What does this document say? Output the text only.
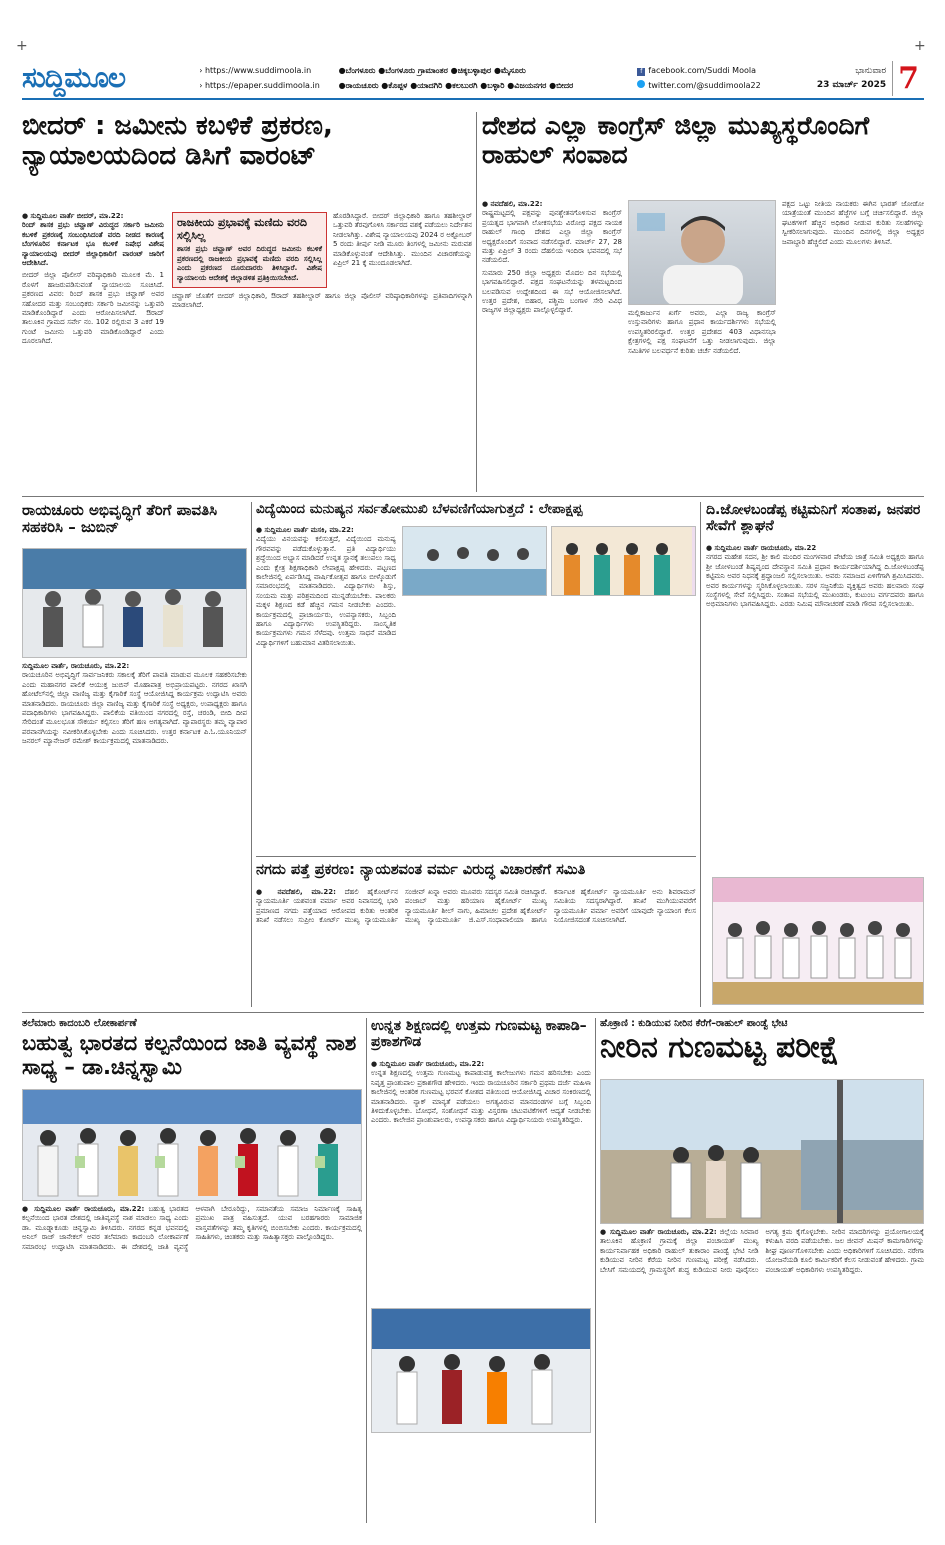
+	+
ಸುದ್ದಿಮೂಲ	› https://www.suddimoola.in
› https://epaper.suddimoola.in
●ಬೆಂಗಳೂರು ●ಬೆಂಗಳೂರು ಗ್ರಾಮಾಂತರ ●ಚಿಕ್ಕಬಳ್ಳಾಪುರ ●ಮೈಸೂರು
●ರಾಯಚೂರು ●ಕೊಪ್ಪಳ ●ಯಾದಗಿರಿ ●ಕಲಬುರಗಿ ●ಬಳ್ಳಾರಿ ●ವಿಜಯನಗರ ●ಬೀದರ
f facebook.com/Suddi Moola
twitter.com/@suddimoola22
ಭಾನುವಾರ
23 ಮಾರ್ಚ್ 2025 7
ಬೀದರ್ : ಜಮೀನು ಕಬಳಿಕೆ ಪ್ರಕರಣ, ನ್ಯಾಯಾಲಯದಿಂದ ಡಿಸಿಗೆ ವಾರಂಟ್
● ಸುದ್ದಿಮೂಲ ವಾರ್ತೆ ಬೀದರ್, ಮಾ.22:
ರಿಂದ್ ಶಾಸಕ ಪ್ರಭು ಚವ್ಹಾಣ್ ವಿರುದ್ಧದ ಸರ್ಕಾರಿ ಜಮೀನು ಕಬಳಿಕೆ ಪ್ರಕರಣಕ್ಕೆ ಸಂಬಂಧಿಸಿದಂತೆ ವರದಿ ನೀಡದ ಕಾರಣಕ್ಕೆ ಬೆಂಗಳೂರಿನ ಕರ್ನಾಟಕ ಭೂ ಕಬಳಿಕೆ ನಿಷೇಧ ವಿಶೇಷ ನ್ಯಾಯಾಲಯವು ಬೀದರ್ ಜಿಲ್ಲಾಧಿಕಾರಿಗೆ ವಾರಂಟ್ ಜಾರಿಗೆ ಆದೇಶಿಸಿದೆ.
ಬೀದರ್ ಜಿಲ್ಲಾ ಪೊಲೀಸ್ ವರಿಷ್ಠಾಧಿಕಾರಿ ಮೂಲಕ ಮೆ. 1 ರೊಳಗೆ ಹಾಜರುಪಡಿಸುವಂತೆ ನ್ಯಾಯಾಲಯ ಸೂಚಿಸಿದೆ. ಪ್ರಕರಣದ ವಿವರ: ರಿಂದ್ ಶಾಸಕ ಪ್ರಭು ಚವ್ಹಾಣ್ ಅವರ ಸಹೋದರ ಮತ್ತು ಸಂಬಂಧಿಕರು ಸರ್ಕಾರಿ ಜಮೀನನ್ನು ಒತ್ತುವರಿ ಮಾಡಿಕೊಂಡಿದ್ದಾರೆ ಎಂದು ಆರೋಪಿಸಲಾಗಿದೆ. ಔರಾದ್ ತಾಲೂಕಿನ ಗ್ರಾಮದ ಸರ್ವೇ ನಂ. 102 ರಲ್ಲಿರುವ 3 ಎಕರೆ 19 ಗುಂಟೆ ಜಮೀನು ಒತ್ತುವರಿ ಮಾಡಿಕೊಂಡಿದ್ದಾರೆ ಎಂದು ದೂರಲಾಗಿದೆ.
ರಾಜಕೀಯ ಪ್ರಭಾವಕ್ಕೆ ಮಣಿದು ವರದಿ ಸಲ್ಲಿಸಿಲ್ಲ
ಶಾಸಕ ಪ್ರಭು ಚವ್ಹಾಣ್ ಅವರ ದಿರುದ್ಧದ ಜಮೀನು ಕಬಳಿಕೆ ಪ್ರಕರಣದಲ್ಲಿ ರಾಜಕೀಯ ಪ್ರಭಾವಕ್ಕೆ ಮಣಿದು ವರದಿ ಸಲ್ಲಿಸಿಲ್ಲ ಎಂದು ಪ್ರಕರಣದ ದೂರುದಾರರು ತಿಳಿಸಿದ್ದಾರೆ. ವಿಶೇಷ ನ್ಯಾಯಾಲಯ ಆದೇಶಕ್ಕೆ ಜಿಲ್ಲಾಡಳಿತ ಪ್ರತಿಕ್ರಿಯಿಸಬೇಕಿದೆ.
ಹೊರಡಿಸಿದ್ದಾರೆ. ಬೀದರ್ ಜಿಲ್ಲಾಧಿಕಾರಿ ಹಾಗೂ ತಹಶೀಲ್ದಾರ್ ಒತ್ತುವರಿ ತೆರವುಗೊಳಿಸಿ ಸರ್ಕಾರದ ವಶಕ್ಕೆ ಪಡೆಯಲು ನಿರ್ದೇಶನ ನೀಡಲಾಗಿತ್ತು. ವಿಶೇಷ ನ್ಯಾಯಾಲಯವು 2024 ರ ಅಕ್ಟೋಬರ್ 5 ರಂದು ತೀರ್ಪು ನೀಡಿ ಮೂರು ತಿಂಗಳಲ್ಲಿ ಜಮೀನು ಮರುವಶ ಮಾಡಿಕೊಳ್ಳುವಂತೆ ಆದೇಶಿಸಿತ್ತು. ಮುಂದಿನ ವಿಚಾರಣೆಯನ್ನು ಏಪ್ರಿಲ್ 21 ಕ್ಕೆ ಮುಂದೂಡಲಾಗಿದೆ.
ಚವ್ಹಾಣ್ ಜೊತೆಗೆ ಬೀದರ್ ಜಿಲ್ಲಾಧಿಕಾರಿ, ಔರಾದ್ ತಹಶೀಲ್ದಾರ್ ಹಾಗೂ ಜಿಲ್ಲಾ ಪೊಲೀಸ್ ವರಿಷ್ಠಾಧಿಕಾರಿಗಳನ್ನು ಪ್ರತಿವಾದಿಗಳನ್ನಾಗಿ ಮಾಡಲಾಗಿದೆ.
ದೇಶದ ಎಲ್ಲಾ ಕಾಂಗ್ರೆಸ್ ಜಿಲ್ಲಾ ಮುಖ್ಯಸ್ಥರೊಂದಿಗೆ ರಾಹುಲ್ ಸಂವಾದ
● ನವದೆಹಲಿ, ಮಾ.22:
ರಾಷ್ಟ್ರಮಟ್ಟದಲ್ಲಿ ಪಕ್ಷವನ್ನು ಪುನಶ್ಚೇತನಗೊಳಿಸುವ ಕಾಂಗ್ರೆಸ್ ಪ್ರಯತ್ನದ ಭಾಗವಾಗಿ ಲೋಕಸಭೆಯ ವಿರೋಧ ಪಕ್ಷದ ನಾಯಕ ರಾಹುಲ್ ಗಾಂಧಿ ದೇಶದ ಎಲ್ಲಾ ಜಿಲ್ಲಾ ಕಾಂಗ್ರೆಸ್ ಅಧ್ಯಕ್ಷರೊಂದಿಗೆ ಸಂವಾದ ನಡೆಸಲಿದ್ದಾರೆ. ಮಾರ್ಚ್ 27, 28 ಮತ್ತು ಏಪ್ರಿಲ್ 3 ರಂದು ದೆಹಲಿಯ ಇಂದಿರಾ ಭವನದಲ್ಲಿ ಸಭೆ ನಡೆಯಲಿದೆ.
ಸುಮಾರು 250 ಜಿಲ್ಲಾ ಅಧ್ಯಕ್ಷರು ಮೊದಲ ದಿನ ಸಭೆಯಲ್ಲಿ ಭಾಗವಹಿಸಲಿದ್ದಾರೆ. ಪಕ್ಷದ ಸಂಘಟನೆಯನ್ನು ತಳಮಟ್ಟದಿಂದ ಬಲಪಡಿಸುವ ಉದ್ದೇಶದಿಂದ ಈ ಸಭೆ ಆಯೋಜಿಸಲಾಗಿದೆ. ಉತ್ತರ ಪ್ರದೇಶ, ಬಿಹಾರ, ಪಶ್ಚಿಮ ಬಂಗಾಳ ಸೇರಿ ವಿವಿಧ ರಾಜ್ಯಗಳ ಜಿಲ್ಲಾಧ್ಯಕ್ಷರು ಪಾಲ್ಗೊಳ್ಳಲಿದ್ದಾರೆ.	ಮಲ್ಲಿಕಾರ್ಜುನ ಖರ್ಗೆ ಅವರು, ಎಲ್ಲಾ ರಾಜ್ಯ ಕಾಂಗ್ರೆಸ್ ಉಸ್ತುವಾರಿಗಳು ಹಾಗೂ ಪ್ರಧಾನ ಕಾರ್ಯದರ್ಶಿಗಳು ಸಭೆಯಲ್ಲಿ ಉಪಸ್ಥಿತರಿರಲಿದ್ದಾರೆ. ಉತ್ತರ ಪ್ರದೇಶದ 403 ವಿಧಾನಸಭಾ ಕ್ಷೇತ್ರಗಳಲ್ಲಿ ಪಕ್ಷ ಸಂಘಟನೆಗೆ ಒತ್ತು ನೀಡಲಾಗುವುದು. ಜಿಲ್ಲಾ ಸಮಿತಿಗಳ ಬಲವರ್ಧನೆ ಕುರಿತು ಚರ್ಚೆ ನಡೆಯಲಿದೆ.
ಪಕ್ಷದ ಒಟ್ಟು ನೀತಿಯ ನಾಯಕರು ಈಗಿನ ಭಾರತ್ ಜೋಡೋ ಯಾತ್ರೆಯಂತೆ ಮುಂದಿನ ಹೆಜ್ಜೆಗಳ ಬಗ್ಗೆ ಚರ್ಚಿಸಲಿದ್ದಾರೆ. ಜಿಲ್ಲಾ ಘಟಕಗಳಿಗೆ ಹೆಚ್ಚಿನ ಅಧಿಕಾರ ನೀಡುವ ಕುರಿತು ಸಲಹೆಗಳನ್ನು ಸ್ವೀಕರಿಸಲಾಗುವುದು. ಮುಂದಿನ ದಿನಗಳಲ್ಲಿ ಜಿಲ್ಲಾ ಅಧ್ಯಕ್ಷರ ಜವಾಬ್ದಾರಿ ಹೆಚ್ಚಲಿದೆ ಎಂದು ಮೂಲಗಳು ತಿಳಿಸಿವೆ.
ರಾಯಚೂರು ಅಭಿವೃದ್ಧಿಗೆ ತೆರಿಗೆ ಪಾವತಿಸಿ ಸಹಕರಿಸಿ – ಜುಬಿನ್
ಸುದ್ದಿಮೂಲ ವಾರ್ತೆ, ರಾಯಚೂರು, ಮಾ.22:
ರಾಯಚೂರಿನ ಅಭಿವೃದ್ಧಿಗೆ ಸಾರ್ವಜನಿಕರು ಸಕಾಲಕ್ಕೆ ತೆರಿಗೆ ಪಾವತಿ ಮಾಡುವ ಮೂಲಕ ಸಹಕರಿಸಬೇಕು ಎಂದು ಮಹಾನಗರ ಪಾಲಿಕೆ ಆಯುಕ್ತ ಜುಬಿನ್ ಮೊಹಾಪಾತ್ರ ಅಭಿಪ್ರಾಯಪಟ್ಟರು. ನಗರದ ಖಾಸಗಿ ಹೋಟೆಲ್‌ನಲ್ಲಿ ಜಿಲ್ಲಾ ವಾಣಿಜ್ಯ ಮತ್ತು ಕೈಗಾರಿಕೆ ಸಂಸ್ಥೆ ಆಯೋಜಿಸಿದ್ದ ಕಾರ್ಯಕ್ರಮ ಉದ್ಘಾಟಿಸಿ ಅವರು ಮಾತನಾಡಿದರು. ರಾಯಚೂರು ಜಿಲ್ಲಾ ವಾಣಿಜ್ಯ ಮತ್ತು ಕೈಗಾರಿಕೆ ಸಂಸ್ಥೆ ಅಧ್ಯಕ್ಷರು, ಉಪಾಧ್ಯಕ್ಷರು ಹಾಗೂ ಪದಾಧಿಕಾರಿಗಳು ಭಾಗವಹಿಸಿದ್ದರು. ಪಾಲಿಕೆಯ ವತಿಯಿಂದ ನಗರದಲ್ಲಿ ರಸ್ತೆ, ಚರಂಡಿ, ಬೀದಿ ದೀಪ ಸೇರಿದಂತೆ ಮೂಲಭೂತ ಸೌಕರ್ಯ ಕಲ್ಪಿಸಲು ತೆರಿಗೆ ಹಣ ಅಗತ್ಯವಾಗಿದೆ. ವ್ಯಾಪಾರಸ್ಥರು ತಮ್ಮ ವ್ಯಾಪಾರ ಪರವಾನಗಿಯನ್ನು ನವೀಕರಿಸಿಕೊಳ್ಳಬೇಕು ಎಂದು ಸೂಚಿಸಿದರು. ಉತ್ತರ ಕರ್ನಾಟಕ ಪಿ.ಓ.ಯೂನಿಯನ್ ಜನರಲ್ ಮ್ಯಾನೇಜರ್ ರಮೇಶ್ ಕಾರ್ಯಕ್ರಮದಲ್ಲಿ ಮಾತನಾಡಿದರು.
ವಿದ್ಯೆಯಿಂದ ಮನುಷ್ಯನ ಸರ್ವತೋಮುಖಿ ಬೆಳವಣಿಗೆಯಾಗುತ್ತದೆ : ಲೇಪಾಕ್ಷಪ್ಪ
● ಸುದ್ದಿಮೂಲ ವಾರ್ತೆ ಮಸಕಿ, ಮಾ.22:
ವಿದ್ಯೆಯು ವಿನಯವನ್ನು ಕಲಿಸುತ್ತದೆ, ವಿದ್ಯೆಯಿಂದ ಮನುಷ್ಯ ಗೌರವವನ್ನು ಪಡೆದುಕೊಳ್ಳುತ್ತಾನೆ. ಪ್ರತಿ ವಿದ್ಯಾರ್ಥಿಯು ಶ್ರದ್ಧೆಯಿಂದ ಅಭ್ಯಾಸ ಮಾಡಿದರೆ ಉನ್ನತ ಸ್ಥಾನಕ್ಕೆ ತಲುಪಲು ಸಾಧ್ಯ ಎಂದು ಕ್ಷೇತ್ರ ಶಿಕ್ಷಣಾಧಿಕಾರಿ ಲೇಪಾಕ್ಷಪ್ಪ ಹೇಳಿದರು. ಪಟ್ಟಣದ ಕಾಲೇಜಿನಲ್ಲಿ ಏರ್ಪಡಿಸಿದ್ದ ವಾರ್ಷಿಕೋತ್ಸವ ಹಾಗೂ ಬೀಳ್ಕೊಡುಗೆ ಸಮಾರಂಭದಲ್ಲಿ ಮಾತನಾಡಿದರು. ವಿದ್ಯಾರ್ಥಿಗಳು ಶಿಸ್ತು, ಸಂಯಮ ಮತ್ತು ಪರಿಶ್ರಮದಿಂದ ಮುನ್ನಡೆಯಬೇಕು. ಪಾಲಕರು ಮಕ್ಕಳ ಶಿಕ್ಷಣದ ಕಡೆ ಹೆಚ್ಚಿನ ಗಮನ ನೀಡಬೇಕು ಎಂದರು. ಕಾರ್ಯಕ್ರಮದಲ್ಲಿ ಪ್ರಾಚಾರ್ಯರು, ಉಪನ್ಯಾಸಕರು, ಸಿಬ್ಬಂದಿ ಹಾಗೂ ವಿದ್ಯಾರ್ಥಿಗಳು ಉಪಸ್ಥಿತರಿದ್ದರು. ಸಾಂಸ್ಕೃತಿಕ ಕಾರ್ಯಕ್ರಮಗಳು ಗಮನ ಸೆಳೆದವು. ಉತ್ತಮ ಸಾಧನೆ ಮಾಡಿದ ವಿದ್ಯಾರ್ಥಿಗಳಿಗೆ ಬಹುಮಾನ ವಿತರಿಸಲಾಯಿತು.
ದಿ.ಜೋಳಬಂಡೆಪ್ಪ ಕಟ್ಟಿಮನಿಗೆ ಸಂತಾಪ, ಜನಪರ ಸೇವೆಗೆ ಶ್ಲಾಘನೆ
● ಸುದ್ದಿಮೂಲ ವಾರ್ತೆ ರಾಯಚೂರು, ಮಾ.22
ನಗರದ ಮಹೇಶ ಸದನ, ಶ್ರೀ ಕಾಲಿ ಮಂದಿರ ಮಂಗಳವಾರ ಪೇಟೆಯ ಜಾತ್ರೆ ಸಮಿತಿ ಅಧ್ಯಕ್ಷರು ಹಾಗೂ ಶ್ರೀ ಜೋಳಬಂಡೆ ಶಿಷ್ಯವೃಂದ ದೇವಸ್ಥಾನ ಸಮಿತಿ ಪ್ರಧಾನ ಕಾರ್ಯದರ್ಶಿಯಾಗಿದ್ದ ದಿ.ಜೋಳಬಂಡೆಪ್ಪ ಕಟ್ಟಿಮನಿ ಅವರ ನಿಧನಕ್ಕೆ ಶ್ರದ್ಧಾಂಜಲಿ ಸಲ್ಲಿಸಲಾಯಿತು. ಅವರು ಸಮಾಜದ ಏಳಿಗೆಗಾಗಿ ಶ್ರಮಿಸಿದವರು. ಅವರ ಕಾರ್ಯಗಳನ್ನು ಸ್ಮರಿಸಿಕೊಳ್ಳಲಾಯಿತು. ಸರಳ ಸಜ್ಜನಿಕೆಯ ವ್ಯಕ್ತಿತ್ವದ ಅವರು ಹಲವಾರು ಸಂಘ ಸಂಸ್ಥೆಗಳಲ್ಲಿ ಸೇವೆ ಸಲ್ಲಿಸಿದ್ದರು. ಸಂತಾಪ ಸಭೆಯಲ್ಲಿ ಮುಖಂಡರು, ಕುಟುಂಬ ವರ್ಗದವರು ಹಾಗೂ ಅಭಿಮಾನಿಗಳು ಭಾಗವಹಿಸಿದ್ದರು. ಎರಡು ನಿಮಿಷ ಮೌನಾಚರಣೆ ಮಾಡಿ ಗೌರವ ಸಲ್ಲಿಸಲಾಯಿತು.
ನಗದು ಪತ್ತೆ ಪ್ರಕರಣ: ನ್ಯಾಯಶವಂತ ವರ್ಮ ವಿರುದ್ಧ ವಿಚಾರಣೆಗೆ ಸಮಿತಿ
● ನವದೆಹಲಿ, ಮಾ.22: ದೆಹಲಿ ಹೈಕೋರ್ಟ್‌ನ ನ್ಯಾಯಮೂರ್ತಿ ಯಶವಂತ ವರ್ಮಾ ಅವರ ನಿವಾಸದಲ್ಲಿ ಭಾರಿ ಪ್ರಮಾಣದ ನಗದು ಪತ್ತೆಯಾದ ಆರೋಪದ ಕುರಿತು ಆಂತರಿಕ ತನಿಖೆ ನಡೆಸಲು ಸುಪ್ರೀಂ ಕೋರ್ಟ್ ಮುಖ್ಯ ನ್ಯಾಯಮೂರ್ತಿ ಸಂಜೀವ್ ಖನ್ನಾ ಅವರು ಮೂವರು ಸದಸ್ಯರ ಸಮಿತಿ ರಚಿಸಿದ್ದಾರೆ. ಪಂಜಾಬ್ ಮತ್ತು ಹರಿಯಾಣ ಹೈಕೋರ್ಟ್ ಮುಖ್ಯ ನ್ಯಾಯಮೂರ್ತಿ ಶೀಲ್ ನಾಗು, ಹಿಮಾಚಲ ಪ್ರದೇಶ ಹೈಕೋರ್ಟ್ ಮುಖ್ಯ ನ್ಯಾಯಮೂರ್ತಿ ಜಿ.ಎಸ್.ಸಂಧಾವಾಲಿಯಾ ಹಾಗೂ ಕರ್ನಾಟಕ ಹೈಕೋರ್ಟ್ ನ್ಯಾಯಮೂರ್ತಿ ಅನು ಶಿವರಾಮನ್ ಸಮಿತಿಯ ಸದಸ್ಯರಾಗಿದ್ದಾರೆ. ತನಿಖೆ ಮುಗಿಯುವವರೆಗೆ ನ್ಯಾಯಮೂರ್ತಿ ವರ್ಮಾ ಅವರಿಗೆ ಯಾವುದೇ ನ್ಯಾಯಾಂಗ ಕೆಲಸ ನಿಯೋಜಿಸದಂತೆ ಸೂಚಿಸಲಾಗಿದೆ.
ತಲೆಮಾರು ಕಾದಂಬರಿ ಲೋಕಾರ್ಪಣೆ
ಬಹುತ್ವ ಭಾರತದ ಕಲ್ಪನೆಯಿಂದ ಜಾತಿ ವ್ಯವಸ್ಥೆ ನಾಶ ಸಾಧ್ಯ – ಡಾ.ಚಿನ್ನಸ್ವಾಮಿ
● ಸುದ್ದಿಮೂಲ ವಾರ್ತೆ ರಾಯಚೂರು, ಮಾ.22: ಬಹುತ್ವ ಭಾರತದ ಕಲ್ಪನೆಯಿಂದ ಭಾರತ ದೇಶದಲ್ಲಿ ಜಾತಿವ್ಯವಸ್ಥೆ ನಾಶ ಮಾಡಲು ಸಾಧ್ಯ ಎಂದು ಡಾ. ಮೂಡ್ನಾಕೂಡು ಚಿನ್ನಸ್ವಾಮಿ ತಿಳಿಸಿದರು. ನಗರದ ಕನ್ನಡ ಭವನದಲ್ಲಿ ಅನಿಲ್ ರಾಜ್ ಜಾನೇಕಲ್ ಅವರ ತಲೆಮಾರು ಕಾದಂಬರಿ ಲೋಕಾರ್ಪಣೆ ಸಮಾರಂಭ ಉದ್ಘಾಟಿಸಿ ಮಾತನಾಡಿದರು. ಈ ದೇಶದಲ್ಲಿ ಜಾತಿ ವ್ಯವಸ್ಥೆ ಆಳವಾಗಿ ಬೇರೂರಿದ್ದು, ಸಮಾನತೆಯ ಸಮಾಜ ನಿರ್ಮಾಣಕ್ಕೆ ಸಾಹಿತ್ಯ ಪ್ರಮುಖ ಪಾತ್ರ ವಹಿಸುತ್ತದೆ. ಯುವ ಬರಹಗಾರರು ಸಾಮಾಜಿಕ ವಾಸ್ತವತೆಗಳನ್ನು ತಮ್ಮ ಕೃತಿಗಳಲ್ಲಿ ಬಿಂಬಿಸಬೇಕು ಎಂದರು. ಕಾರ್ಯಕ್ರಮದಲ್ಲಿ ಸಾಹಿತಿಗಳು, ಚಿಂತಕರು ಮತ್ತು ಸಾಹಿತ್ಯಾಸಕ್ತರು ಪಾಲ್ಗೊಂಡಿದ್ದರು.
ಉನ್ನತ ಶಿಕ್ಷಣದಲ್ಲಿ ಉತ್ತಮ ಗುಣಮಟ್ಟ ಕಾಪಾಡಿ–ಪ್ರಕಾಶಗೌಡ
● ಸುದ್ದಿಮೂಲ ವಾರ್ತೆ ರಾಯಚೂರು, ಮಾ.22:
ಉನ್ನತ ಶಿಕ್ಷಣದಲ್ಲಿ ಉತ್ತಮ ಗುಣಮಟ್ಟ ಕಾಪಾಡುವತ್ತ ಕಾಲೇಜುಗಳು ಗಮನ ಹರಿಸಬೇಕು ಎಂದು ನಿವೃತ್ತ ಪ್ರಾಂಶುಪಾಲ ಪ್ರಕಾಶಗೌಡ ಹೇಳಿದರು. ಇಂದು ರಾಯಚೂರಿನ ಸರ್ಕಾರಿ ಪ್ರಥಮ ದರ್ಜೆ ಮಹಿಳಾ ಕಾಲೇಜಿನಲ್ಲಿ ಆಂತರಿಕ ಗುಣಮಟ್ಟ ಭರವಸೆ ಕೋಶದ ವತಿಯಿಂದ ಆಯೋಜಿಸಿದ್ದ ವಿಚಾರ ಸಂಕಿರಣದಲ್ಲಿ ಮಾತನಾಡಿದರು. ನ್ಯಾಕ್ ಮಾನ್ಯತೆ ಪಡೆಯಲು ಅಗತ್ಯವಿರುವ ಮಾನದಂಡಗಳ ಬಗ್ಗೆ ಸಿಬ್ಬಂದಿ ತಿಳಿದುಕೊಳ್ಳಬೇಕು. ಬೋಧನೆ, ಸಂಶೋಧನೆ ಮತ್ತು ವಿಸ್ತರಣಾ ಚಟುವಟಿಕೆಗಳಿಗೆ ಆದ್ಯತೆ ನೀಡಬೇಕು ಎಂದರು. ಕಾಲೇಜಿನ ಪ್ರಾಂಶುಪಾಲರು, ಉಪನ್ಯಾಸಕರು ಹಾಗೂ ವಿದ್ಯಾರ್ಥಿನಿಯರು ಉಪಸ್ಥಿತರಿದ್ದರು.
ಹೊಕ್ರಾಣಿ : ಕುಡಿಯುವ ನೀರಿನ ಕೆರೆಗೆ–ರಾಹುಲ್ ಪಾಂಡ್ವೆ ಭೇಟಿ
ನೀರಿನ ಗುಣಮಟ್ಟ ಪರೀಕ್ಷೆ
● ಸುದ್ದಿಮೂಲ ವಾರ್ತೆ ರಾಯಚೂರು, ಮಾ.22: ಜಿಲ್ಲೆಯ ಸಿರವಾರ ತಾಲೂಕಿನ ಹೊಕ್ರಾಣಿ ಗ್ರಾಮಕ್ಕೆ ಜಿಲ್ಲಾ ಪಂಚಾಯತ್ ಮುಖ್ಯ ಕಾರ್ಯನಿರ್ವಾಹಕ ಅಧಿಕಾರಿ ರಾಹುಲ್ ತುಕಾರಾಂ ಪಾಂಡ್ವೆ ಭೇಟಿ ನೀಡಿ ಕುಡಿಯುವ ನೀರಿನ ಕೆರೆಯ ನೀರಿನ ಗುಣಮಟ್ಟ ಪರೀಕ್ಷೆ ನಡೆಸಿದರು. ಬೇಸಿಗೆ ಸಮಯದಲ್ಲಿ ಗ್ರಾಮಸ್ಥರಿಗೆ ಶುದ್ಧ ಕುಡಿಯುವ ನೀರು ಪೂರೈಸಲು ಅಗತ್ಯ ಕ್ರಮ ಕೈಗೊಳ್ಳಬೇಕು. ನೀರಿನ ಮಾದರಿಗಳನ್ನು ಪ್ರಯೋಗಾಲಯಕ್ಕೆ ಕಳುಹಿಸಿ ವರದಿ ಪಡೆಯಬೇಕು. ಜಲ ಜೀವನ್ ಮಿಷನ್ ಕಾಮಗಾರಿಗಳನ್ನು ಶೀಘ್ರ ಪೂರ್ಣಗೊಳಿಸಬೇಕು ಎಂದು ಅಧಿಕಾರಿಗಳಿಗೆ ಸೂಚಿಸಿದರು. ನರೇಗಾ ಯೋಜನೆಯಡಿ ಕೂಲಿ ಕಾರ್ಮಿಕರಿಗೆ ಕೆಲಸ ನೀಡುವಂತೆ ಹೇಳಿದರು. ಗ್ರಾಮ ಪಂಚಾಯತ್ ಅಧಿಕಾರಿಗಳು ಉಪಸ್ಥಿತರಿದ್ದರು.
